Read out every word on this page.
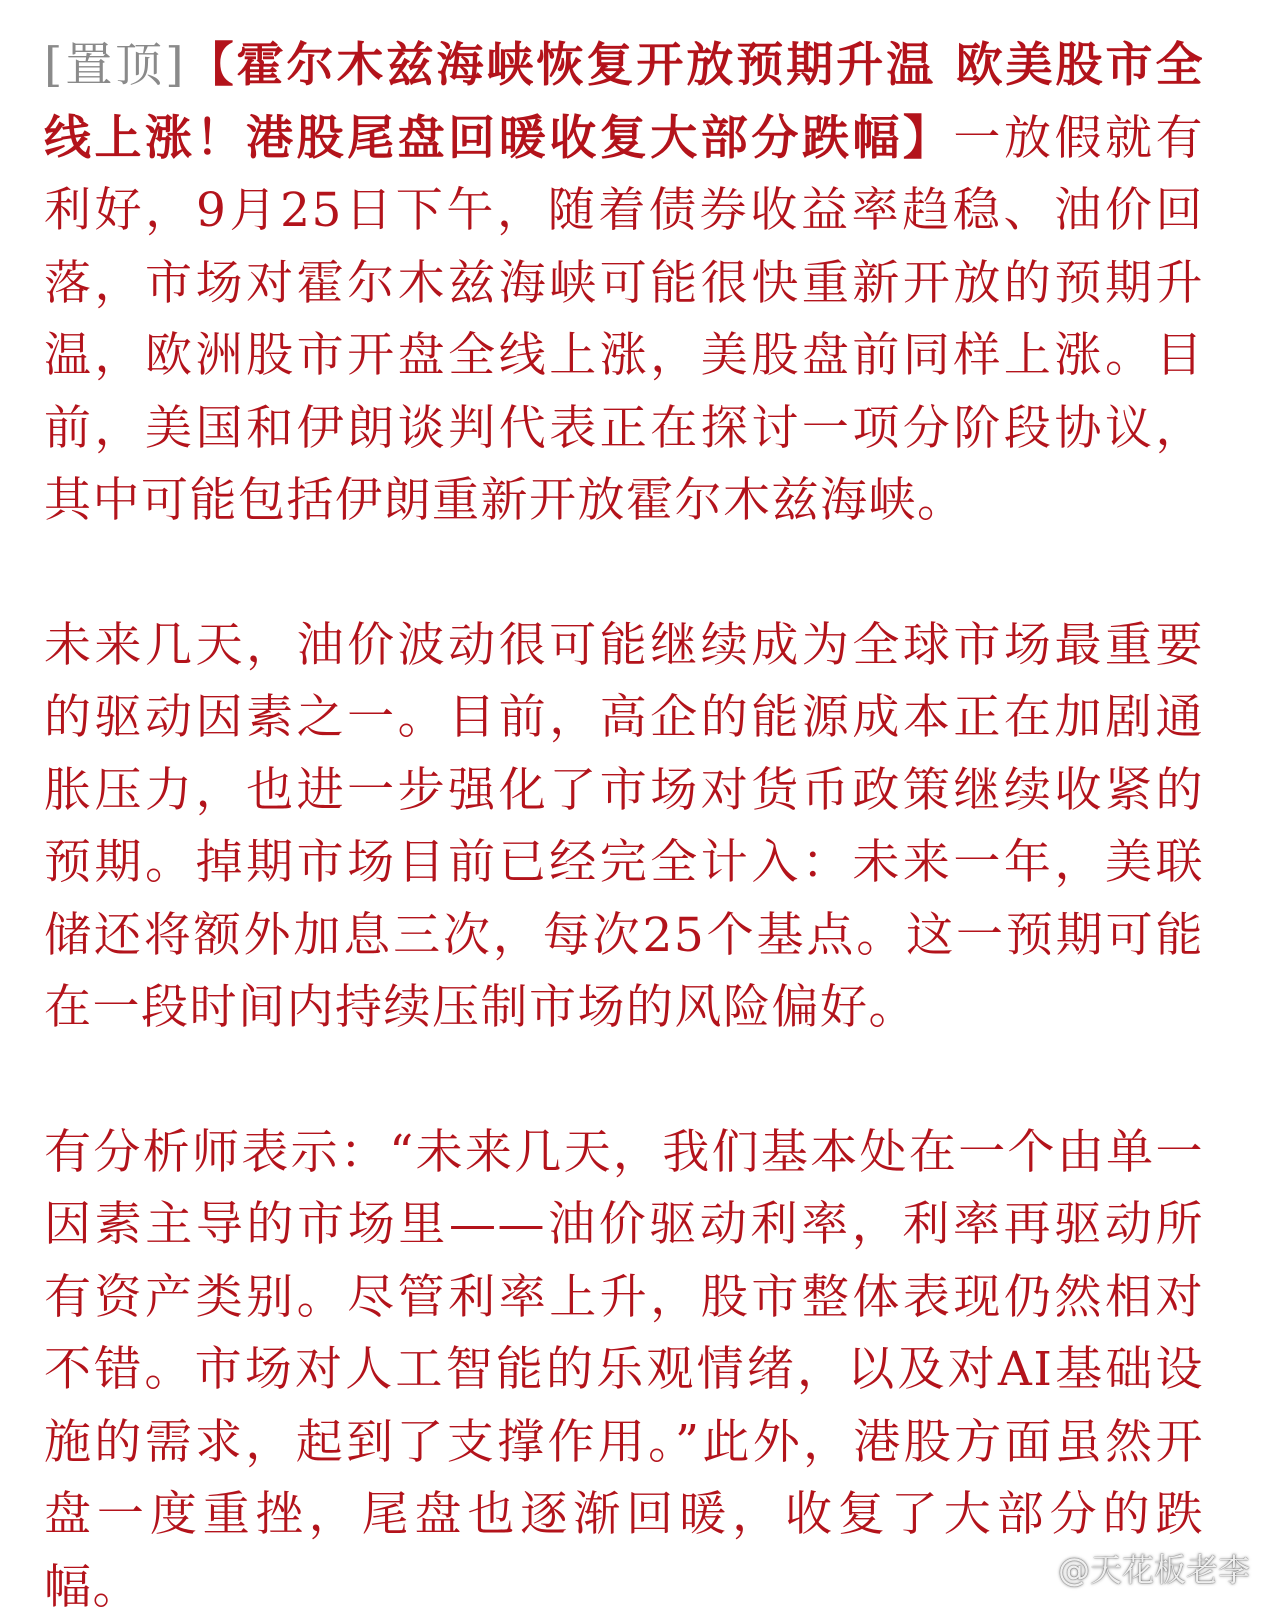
[置顶]【霍尔木兹海峡恢复开放预期升温 欧美股市全线上涨！港股尾盘回暖收复大部分跌幅】一放假就有利好，9月25日下午，随着债券收益率趋稳、油价回落，市场对霍尔木兹海峡可能很快重新开放的预期升温，欧洲股市开盘全线上涨，美股盘前同样上涨。目前，美国和伊朗谈判代表正在探讨一项分阶段协议，其中可能包括伊朗重新开放霍尔木兹海峡。

未来几天，油价波动很可能继续成为全球市场最重要的驱动因素之一。目前，高企的能源成本正在加剧通胀压力，也进一步强化了市场对货币政策继续收紧的预期。掉期市场目前已经完全计入：未来一年，美联储还将额外加息三次，每次25个基点。这一预期可能在一段时间内持续压制市场的风险偏好。

有分析师表示：“未来几天，我们基本处在一个由单一因素主导的市场里——油价驱动利率，利率再驱动所有资产类别。尽管利率上升，股市整体表现仍然相对不错。市场对人工智能的乐观情绪，以及对AI基础设施的需求，起到了支撑作用。”此外，港股方面虽然开盘一度重挫，尾盘也逐渐回暖，收复了大部分的跌幅。	@天花板老李
